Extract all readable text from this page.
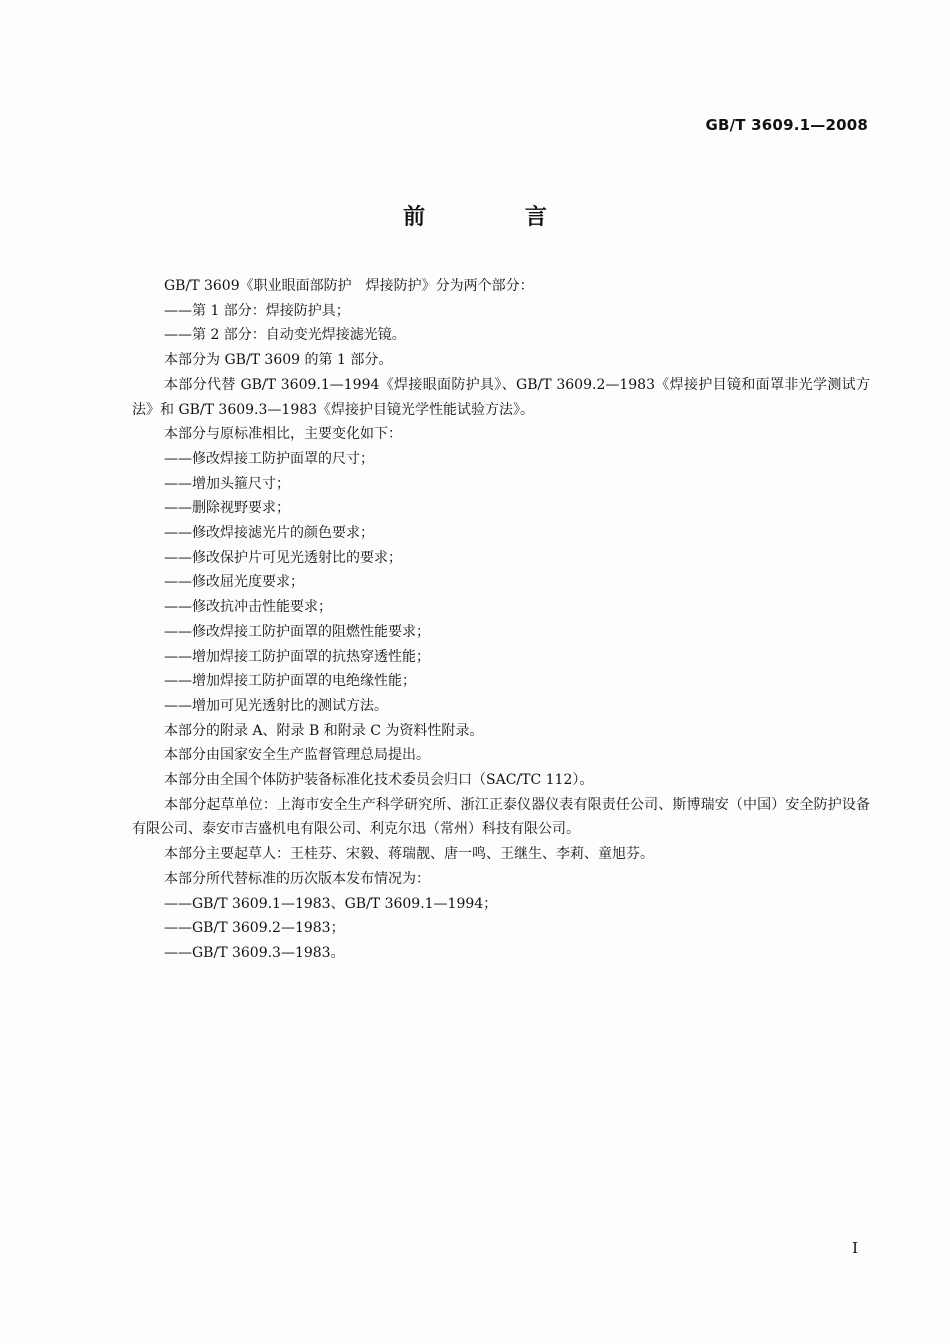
GB/T 3609.1—2008
前 言

GB/T 3609《职业眼面部防护　焊接防护》分为两个部分：

——第 1 部分：焊接防护具；

——第 2 部分：自动变光焊接滤光镜。

本部分为 GB/T 3609 的第 1 部分。

本部分代替 GB/T 3609.1—1994《焊接眼面防护具》、GB/T 3609.2—1983《焊接护目镜和面罩非光学测试方法》和 GB/T 3609.3—1983《焊接护目镜光学性能试验方法》。

本部分与原标准相比，主要变化如下：

——修改焊接工防护面罩的尺寸；

——增加头箍尺寸；

——删除视野要求；

——修改焊接滤光片的颜色要求；

——修改保护片可见光透射比的要求；

——修改屈光度要求；

——修改抗冲击性能要求；

——修改焊接工防护面罩的阻燃性能要求；

——增加焊接工防护面罩的抗热穿透性能；

——增加焊接工防护面罩的电绝缘性能；

——增加可见光透射比的测试方法。

本部分的附录 A、附录 B 和附录 C 为资料性附录。

本部分由国家安全生产监督管理总局提出。

本部分由全国个体防护装备标准化技术委员会归口（SAC/TC 112）。

本部分起草单位：上海市安全生产科学研究所、浙江正泰仪器仪表有限责任公司、斯博瑞安（中国）安全防护设备有限公司、泰安市吉盛机电有限公司、利克尔迅（常州）科技有限公司。

本部分主要起草人：王桂芬、宋毅、蒋瑞靓、唐一鸣、王继生、李莉、童旭芬。

本部分所代替标准的历次版本发布情况为：

——GB/T 3609.1—1983、GB/T 3609.1—1994；

——GB/T 3609.2—1983；

——GB/T 3609.3—1983。

I
